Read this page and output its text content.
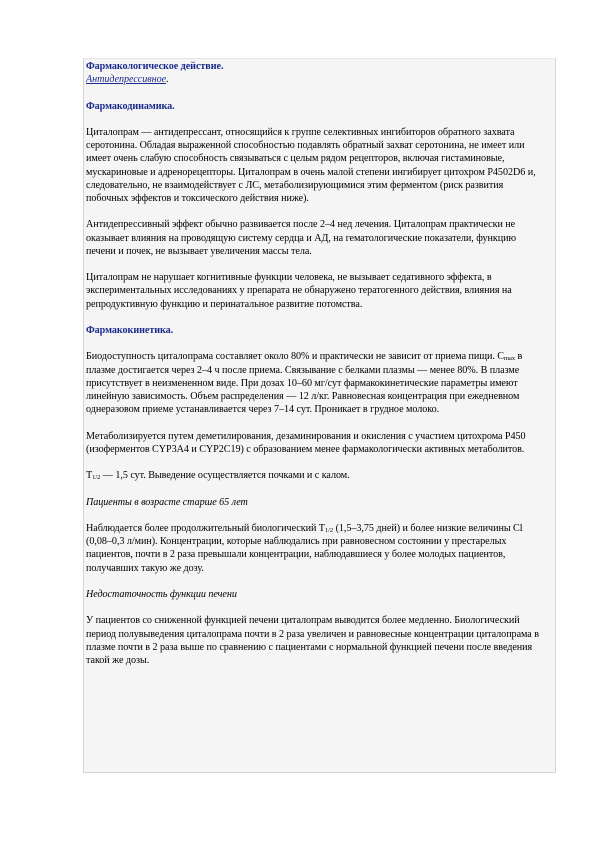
Фармакологическое действие.

Антидепрессивное.

Фармакодинамика.

Циталопрам — антидепрессант, относящийся к группе селективных ингибиторов обратного захвата серотонина. Обладая выраженной способностью подавлять обратный захват серотонина, не имеет или имеет очень слабую способность связываться с целым рядом рецепторов, включая гистаминовые, мускариновые и адренорецепторы. Циталопрам в очень малой степени ингибирует цитохром P4502D6 и, следовательно, не взаимодействует с ЛС, метаболизирующимися этим ферментом (риск развития побочных эффектов и токсического действия ниже).

Антидепрессивный эффект обычно развивается после 2–4 нед лечения. Циталопрам практически не оказывает влияния на проводящую систему сердца и АД, на гематологические показатели, функцию печени и почек, не вызывает увеличения массы тела.

Циталопрам не нарушает когнитивные функции человека, не вызывает седативного эффекта, в экспериментальных исследованиях у препарата не обнаружено тератогенного действия, влияния на репродуктивную функцию и перинатальное развитие потомства.

Фармакокинетика.

Биодоступность циталопрама составляет около 80% и практически не зависит от приема пищи. $C_{max}$ в плазме достигается через 2–4 ч после приема. Связывание с белками плазмы — менее 80%. В плазме присутствует в неизмененном виде. При дозах 10–60 мг/сут фармакокинетические параметры имеют линейную зависимость. Объем распределения — 12 л/кг. Равновесная концентрация при ежедневном однеразовом приеме устанавливается через 7–14 сут. Проникает в грудное молоко.

Метаболизируется путем деметилирования, дезаминирования и окисления с участием цитохрома P450 (изоферментов CYP3A4 и CYP2C19) с образованием менее фармакологически активных метаболитов.

$T_{1/2}$ — 1,5 сут. Выведение осуществляется почками и с калом.

Пациенты в возрасте старше 65 лет

Наблюдается более продолжительный биологический $T_{1/2}$ (1,5–3,75 дней) и более низкие величины Cl (0,08–0,3 л/мин). Концентрации, которые наблюдались при равновесном состоянии у престарелых пациентов, почти в 2 раза превышали концентрации, наблюдавшиеся у более молодых пациентов, получавших такую же дозу.

Недостаточность функции печени

У пациентов со сниженной функцией печени циталопрам выводится более медленно. Биологический период полувыведения циталопрама почти в 2 раза увеличен и равновесные концентрации циталопрама в плазме почти в 2 раза выше по сравнению с пациентами с нормальной функцией печени после введения такой же дозы.
